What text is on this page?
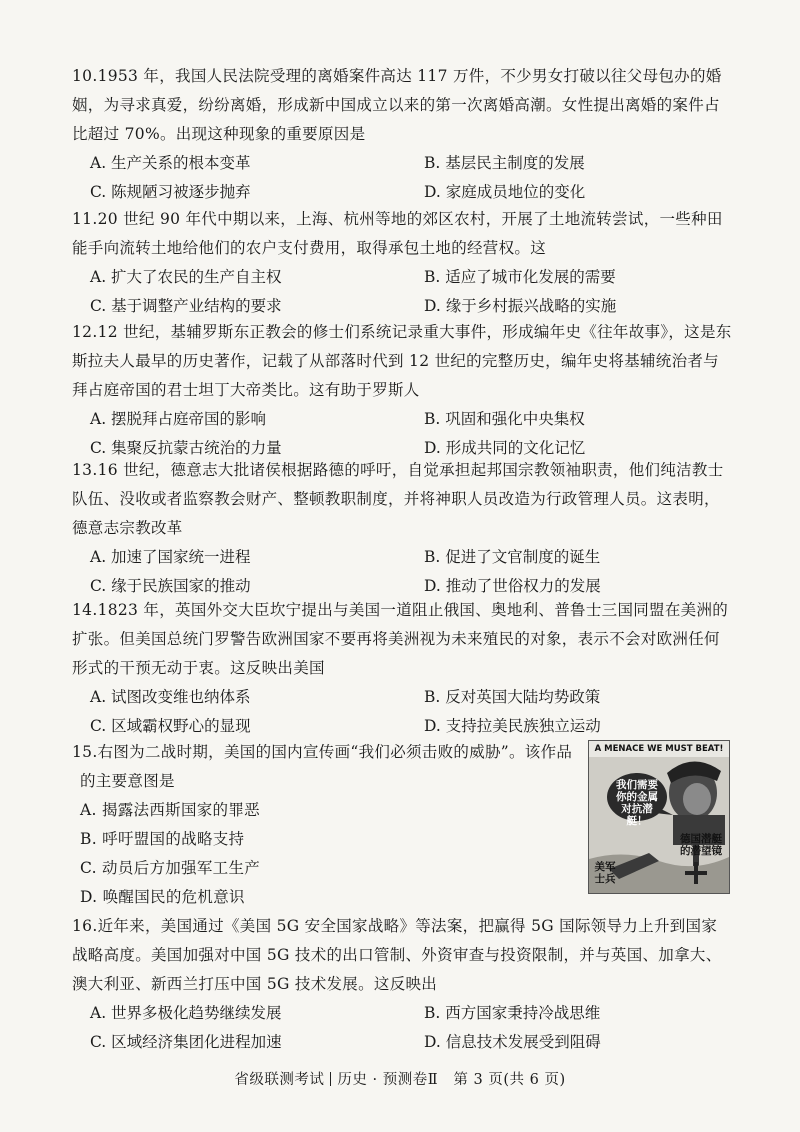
10.1953 年，我国人民法院受理的离婚案件高达 117 万件，不少男女打破以往父母包办的婚姻，为寻求真爱，纷纷离婚，形成新中国成立以来的第一次离婚高潮。女性提出离婚的案件占比超过 70%。出现这种现象的重要原因是
A. 生产关系的根本变革	B. 基层民主制度的发展
C. 陈规陋习被逐步抛弃	D. 家庭成员地位的变化
11.20 世纪 90 年代中期以来，上海、杭州等地的郊区农村，开展了土地流转尝试，一些种田能手向流转土地给他们的农户支付费用，取得承包土地的经营权。这
A. 扩大了农民的生产自主权	B. 适应了城市化发展的需要
C. 基于调整产业结构的要求	D. 缘于乡村振兴战略的实施
12.12 世纪，基辅罗斯东正教会的修士们系统记录重大事件，形成编年史《往年故事》，这是东斯拉夫人最早的历史著作，记载了从部落时代到 12 世纪的完整历史，编年史将基辅统治者与拜占庭帝国的君士坦丁大帝类比。这有助于罗斯人
A. 摆脱拜占庭帝国的影响	B. 巩固和强化中央集权
C. 集聚反抗蒙古统治的力量	D. 形成共同的文化记忆
13.16 世纪，德意志大批诸侯根据路德的呼吁，自觉承担起邦国宗教领袖职责，他们纯洁教士队伍、没收或者监察教会财产、整顿教职制度，并将神职人员改造为行政管理人员。这表明，德意志宗教改革
A. 加速了国家统一进程	B. 促进了文官制度的诞生
C. 缘于民族国家的推动	D. 推动了世俗权力的发展
14.1823 年，英国外交大臣坎宁提出与美国一道阻止俄国、奥地利、普鲁士三国同盟在美洲的扩张。但美国总统门罗警告欧洲国家不要再将美洲视为未来殖民的对象，表示不会对欧洲任何形式的干预无动于衷。这反映出美国
A. 试图改变维也纳体系	B. 反对英国大陆均势政策
C. 区域霸权野心的显现	D. 支持拉美民族独立运动
15.右图为二战时期，美国的国内宣传画“我们必须击败的威胁”。该作品
的主要意图是
A. 揭露法西斯国家的罪恶
B. 呼吁盟国的战略支持
C. 动员后方加强军工生产
D. 唤醒国民的危机意识
A MENACE WE MUST BEAT!
我们需要你的金属对抗潜艇！
德国潜艇的潜望镜
美军士兵
16.近年来，美国通过《美国 5G 安全国家战略》等法案，把赢得 5G 国际领导力上升到国家战略高度。美国加强对中国 5G 技术的出口管制、外资审查与投资限制，并与英国、加拿大、澳大利亚、新西兰打压中国 5G 技术发展。这反映出
A. 世界多极化趋势继续发展	B. 西方国家秉持冷战思维
C. 区域经济集团化进程加速	D. 信息技术发展受到阻碍
省级联测考试 历史 · 预测卷Ⅱ 第 3 页(共 6 页)
